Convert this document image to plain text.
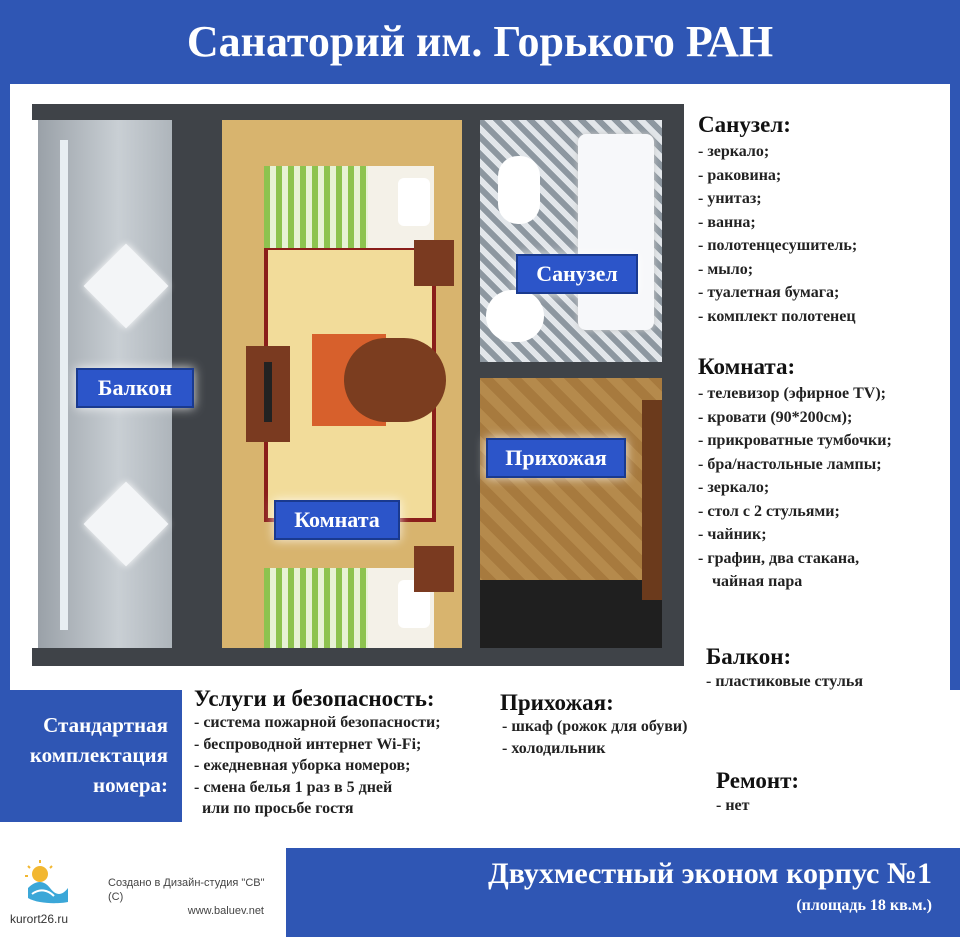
Санаторий им. Горького РАН
Балкон
Комната
Санузел
Прихожая
Санузел:
- зеркало;
- раковина;
- унитаз;
- ванна;
- полотенцесушитель;
- мыло;
- туалетная бумага;
- комплект полотенец
Комната:
- телевизор (эфирное TV);
- кровати (90*200см);
- прикроватные тумбочки;
- бра/настольные лампы;
- зеркало;
- стол с 2 стульями;
- чайник;
- графин, два стакана,
чайная пара
Балкон:
- пластиковые стулья
Услуги и безопасность:
- система пожарной безопасности;
- беспроводной интернет Wi-Fi;
- ежедневная уборка номеров;
- смена белья 1 раз в 5 дней
или по просьбе гостя
Прихожая:
- шкаф (рожок для обуви)
- холодильник
Ремонт:
- нет
Стандартная
комплектация
номера:
kurort26.ru
Создано в Дизайн-студия "СВ" (С)
www.baluev.net
Двухместный эконом корпус №1
(площадь 18 кв.м.)
